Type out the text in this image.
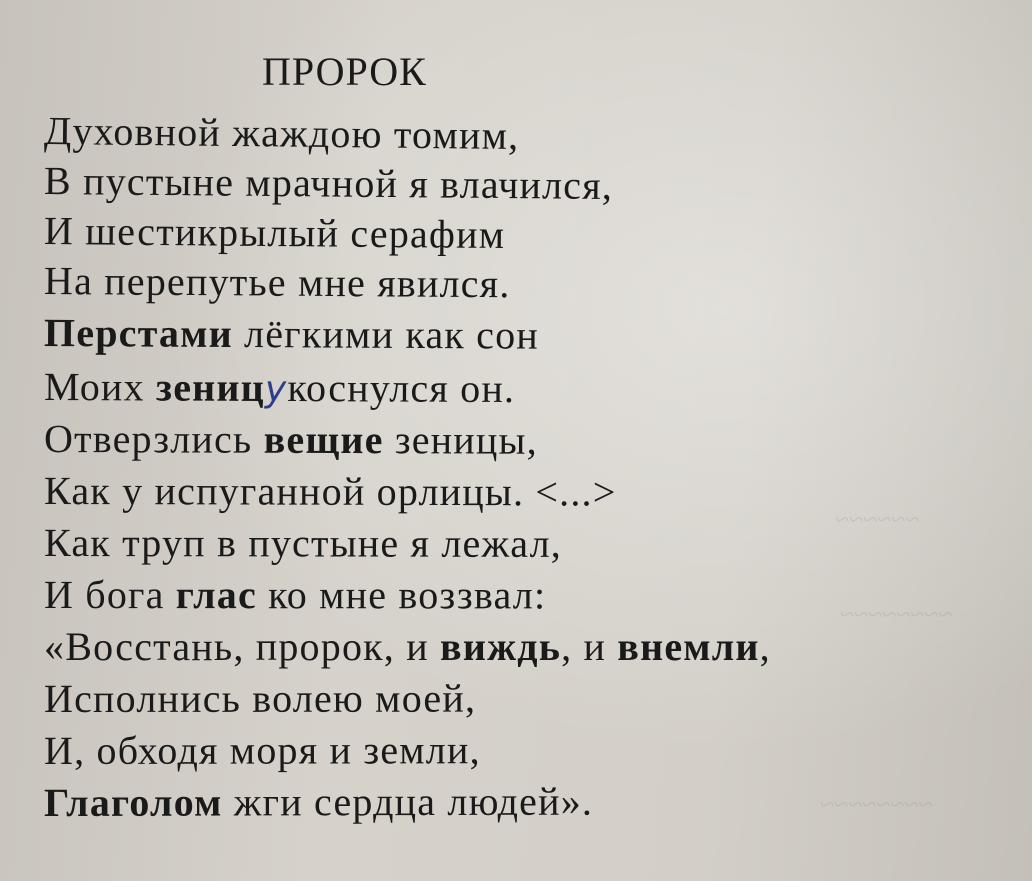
~~~~~~
~~~~~~~~
~~~~~~~~
ПРОРОК
Духовной жаждою томим,
В пустыне мрачной я влачился,
И шестикрылый серафим
На перепутье мне явился.
Перстами лёгкими как сон
Моих зеницукоснулся он.
Отверзлись вещие зеницы,
Как у испуганной орлицы. <...>
Как труп в пустыне я лежал,
И бога глас ко мне воззвал:
«Восстань, пророк, и виждь, и внемли,
Исполнись волею моей,
И, обходя моря и земли,
Глаголом жги сердца людей».
